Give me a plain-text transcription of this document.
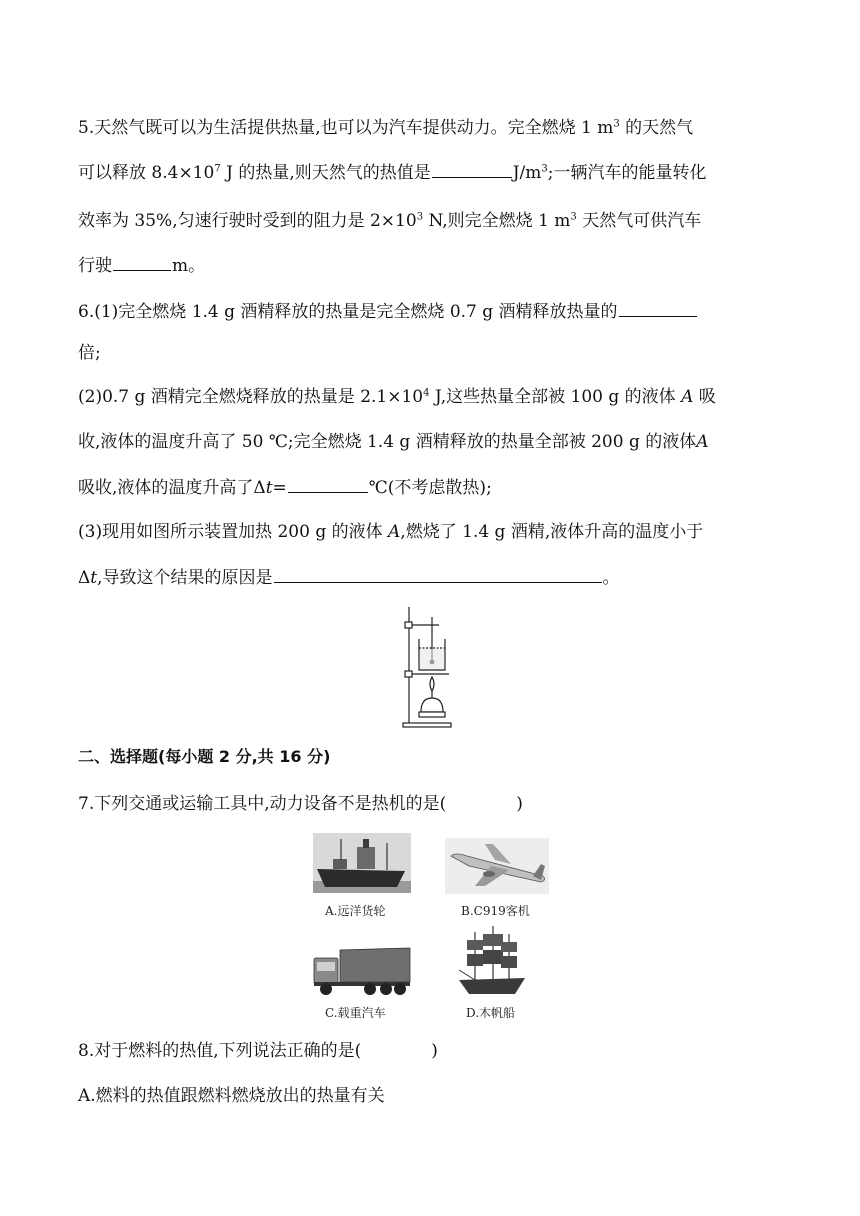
5.天然气既可以为生活提供热量,也可以为汽车提供动力。完全燃烧 1 $m^3$ 的天然气
可以释放 $8.4\times 10^7$ J 的热量,则天然气的热值是	$J/m^3$;一辆汽车的能量转化
效率为 35%,匀速行驶时受到的阻力是 $2\times 10^3$ N,则完全燃烧 1 $m^3$ 天然气可供汽车
行驶	m。
6.(1)完全燃烧 1.4 g 酒精释放的热量是完全燃烧 0.7 g 酒精释放热量的
倍;
(2)0.7 g 酒精完全燃烧释放的热量是 $2.1\times 10^4$ J,这些热量全部被 100 g 的液体 A 吸
收,液体的温度升高了 50 ℃;完全燃烧 1.4 g 酒精释放的热量全部被 200 g 的液体A
吸收,液体的温度升高了Δt=	℃(不考虑散热);
(3)现用如图所示装置加热 200 g 的液体 A,燃烧了 1.4 g 酒精,液体升高的温度小于
Δt,导致这个结果的原因是	。
二、选择题(每小题 2 分,共 16 分)
7.下列交通或运输工具中,动力设备不是热机的是(	)
A.远洋货轮	B.C919客机
C.载重汽车	D.木帆船
8.对于燃料的热值,下列说法正确的是(	)
A.燃料的热值跟燃料燃烧放出的热量有关
